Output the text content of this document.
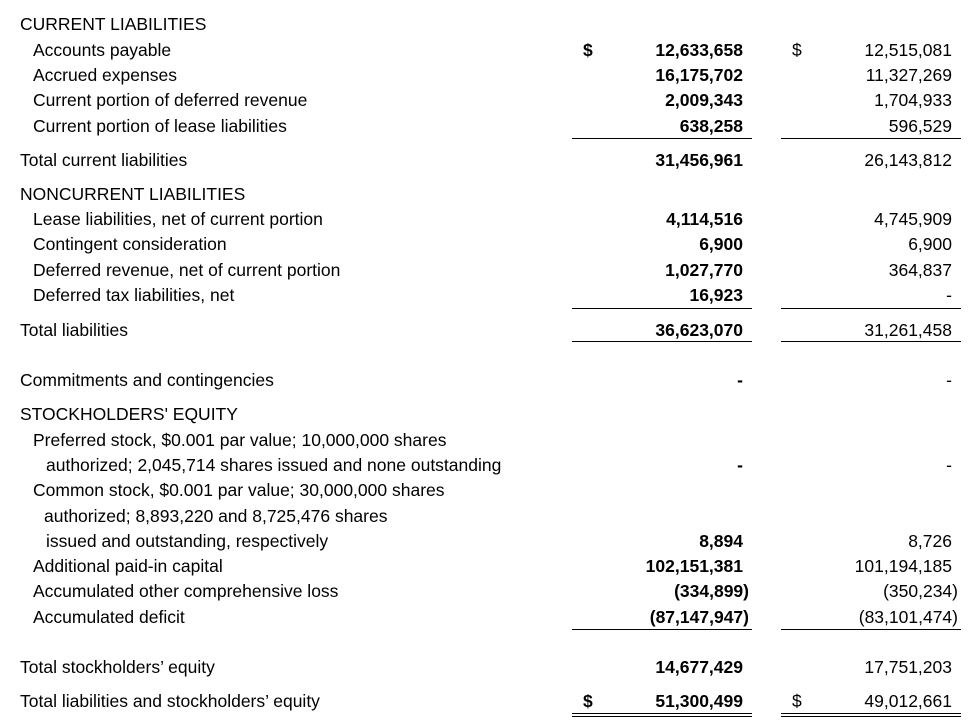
CURRENT LIABILITIES
Accounts payable	$	12,633,658	$	12,515,081
Accrued expenses	16,175,702	11,327,269
Current portion of deferred revenue	2,009,343	1,704,933
Current portion of lease liabilities	638,258	596,529
Total current liabilities	31,456,961	26,143,812
NONCURRENT LIABILITIES
Lease liabilities, net of current portion	4,114,516	4,745,909
Contingent consideration	6,900	6,900
Deferred revenue, net of current portion	1,027,770	364,837
Deferred tax liabilities, net	16,923	-
Total liabilities	36,623,070	31,261,458
Commitments and contingencies	-	-
STOCKHOLDERS' EQUITY
Preferred stock, $0.001 par value; 10,000,000 shares
authorized; 2,045,714 shares issued and none outstanding	-	-
Common stock, $0.001 par value; 30,000,000 shares
authorized; 8,893,220 and 8,725,476 shares
issued and outstanding, respectively	8,894	8,726
Additional paid-in capital	102,151,381	101,194,185
Accumulated other comprehensive loss	(334,899)	(350,234)
Accumulated deficit	(87,147,947)	(83,101,474)
Total stockholders’ equity	14,677,429	17,751,203
Total liabilities and stockholders’ equity	$	51,300,499	$	49,012,661
